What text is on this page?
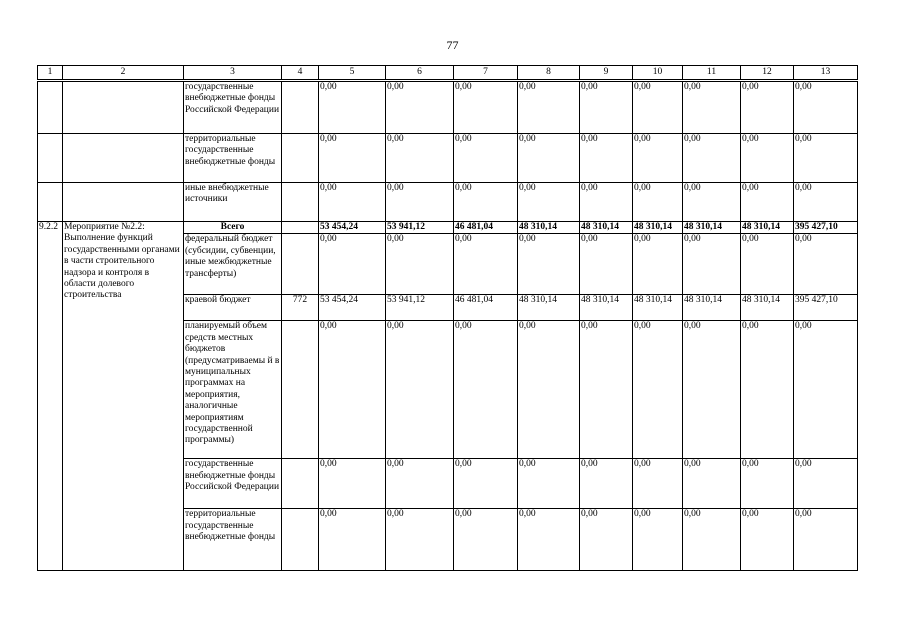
77
1	2	3	4	5	6	7	8	9	10	11	12	13
		государственные внебюджетные фонды Российской Федерации		0,00	0,00	0,00	0,00	0,00	0,00	0,00	0,00	0,00
		территориальные государственные внебюджетные фонды		0,00	0,00	0,00	0,00	0,00	0,00	0,00	0,00	0,00
		иные внебюджетные источники		0,00	0,00	0,00	0,00	0,00	0,00	0,00	0,00	0,00
9.2.2	Мероприятие №2.2: Выполнение функций государственными органами в части строительного надзора и контроля в области долевого строительства	Всего		53 454,24	53 941,12	46 481,04	48 310,14	48 310,14	48 310,14	48 310,14	48 310,14	395 427,10
		федеральный бюджет (субсидии, субвенции, иные межбюджетные трансферты)		0,00	0,00	0,00	0,00	0,00	0,00	0,00	0,00	0,00
		краевой бюджет	772	53 454,24	53 941,12	46 481,04	48 310,14	48 310,14	48 310,14	48 310,14	48 310,14	395 427,10
		планируемый объем средств местных бюджетов (предусматриваемы й в муниципальных программах на мероприятия, аналогичные мероприятиям государственной программы)		0,00	0,00	0,00	0,00	0,00	0,00	0,00	0,00	0,00
		государственные внебюджетные фонды Российской Федерации		0,00	0,00	0,00	0,00	0,00	0,00	0,00	0,00	0,00
		территориальные государственные внебюджетные фонды		0,00	0,00	0,00	0,00	0,00	0,00	0,00	0,00	0,00
